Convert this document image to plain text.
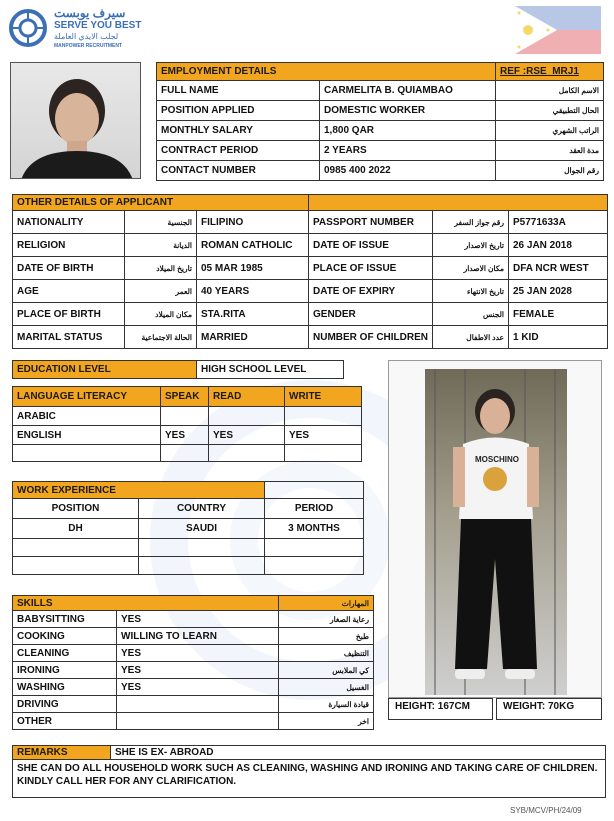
سيرف يوبست
SERVE YOU BEST
لجلب الايدي العاملة
MANPOWER RECRUITMENT
EMPLOYMENT DETAILS		REF :RSE_MRJ1
FULL NAME	CARMELITA B. QUIAMBAO	الاسم الكامل
POSITION APPLIED	DOMESTIC WORKER	الحال التطبيقي
MONTHLY SALARY	1,800 QAR	الراتب الشهري
CONTRACT PERIOD	2 YEARS	مدة العقد
CONTACT NUMBER	0985 400 2022	رقم الجوال
OTHER DETAILS OF APPLICANT					
NATIONALITY	الجنسية	FILIPINO	PASSPORT NUMBER	رقم جواز السفر	P5771633A
RELIGION	الديانة	ROMAN CATHOLIC	DATE OF ISSUE	تاريخ الاصدار	26 JAN 2018
DATE OF BIRTH	تاريخ الميلاد	05 MAR 1985	PLACE OF ISSUE	مكان الاصدار	DFA NCR WEST
AGE	العمر	40 YEARS	DATE OF EXPIRY	تاريخ الانتهاء	25 JAN 2028
PLACE OF BIRTH	مكان الميلاد	STA.RITA	GENDER	الجنس	FEMALE
MARITAL STATUS	الحالة الاجتماعية	MARRIED	NUMBER OF CHILDREN	عدد الاطفال	1 KID
EDUCATION LEVEL	HIGH SCHOOL LEVEL
LANGUAGE LITERACY	SPEAK	READ	WRITE
ARABIC			
ENGLISH	YES	YES	YES

WORK EXPERIENCE		
POSITION	COUNTRY	PERIOD
DH	SAUDI	3 MONTHS

SKILLS		المهارات
BABYSITTING	YES	رعاية الصغار
COOKING	WILLING TO LEARN	طبخ
CLEANING	YES	التنظيف
IRONING	YES	كي الملابس
WASHING	YES	الغسيل
DRIVING		قيادة السيارة
OTHER		اخر
MOSCHINO
HEIGHT: 167CM	WEIGHT: 70KG
REMARKS	SHE IS EX- ABROAD
SHE CAN DO ALL HOUSEHOLD WORK SUCH AS CLEANING, WASHING AND IRONING AND TAKING CARE OF CHILDREN. KINDLY CALL HER FOR ANY CLARIFICATION.
SYB/MCV/PH/24/09
